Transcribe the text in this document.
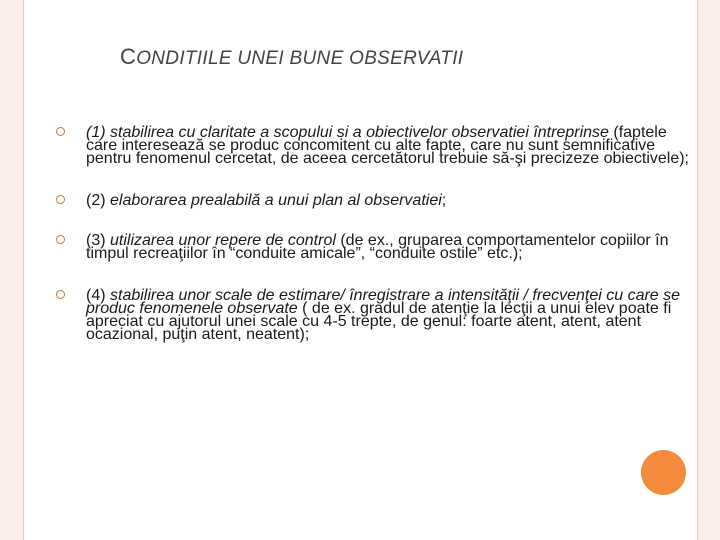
CONDITIILE UNEI BUNE OBSERVATII
(1) stabilirea cu claritate a scopului si a obiectivelor observatiei întreprinse (faptele care interesează se produc concomitent cu alte fapte, care nu sunt semnificative pentru fenomenul cercetat, de aceea cercetătorul trebuie să-şi precizeze obiectivele);
(2) elaborarea prealabilă a unui plan al observatiei;
(3) utilizarea unor repere de control (de ex., gruparea comportamentelor copiilor în timpul recreaţiilor în “conduite amicale”, “conduite ostile” etc.);
(4) stabilirea unor scale de estimare/ înregistrare a intensităţii / frecvenţei cu care se produc fenomenele observate ( de ex. gradul de atenţie la lecţii a unui elev poate fi apreciat cu ajutorul unei scale cu 4-5 trepte, de genul: foarte atent, atent, atent ocazional, puţin atent, neatent);
